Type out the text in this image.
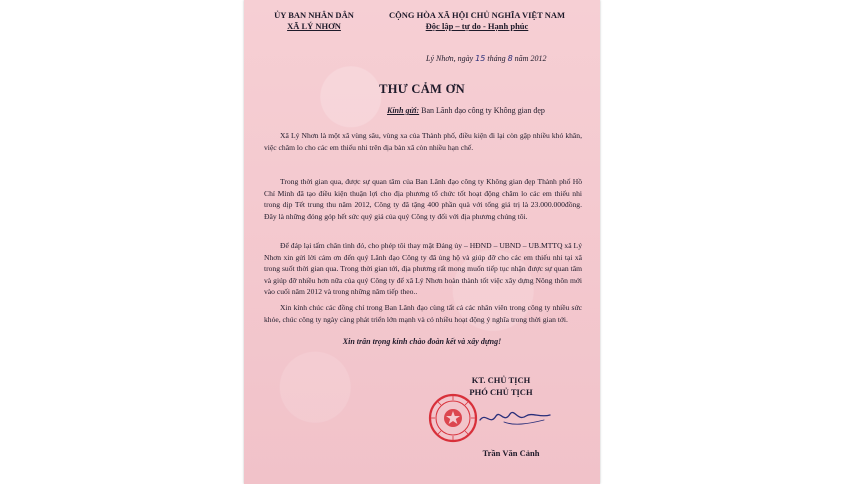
ỦY BAN NHÂN DÂN
XÃ LÝ NHƠN
CỘNG HÒA XÃ HỘI CHỦ NGHĨA VIỆT NAM
Độc lập – tự do - Hạnh phúc
Lý Nhơn, ngày 15 tháng 8 năm 2012
THƯ CẢM ƠN
Kính gửi: Ban Lãnh đạo công ty Không gian đẹp
Xã Lý Nhơn là một xã vùng sâu, vùng xa của Thành phố, điều kiện đi lại còn gặp nhiều khó khăn, việc chăm lo cho các em thiếu nhi trên địa bàn xã còn nhiều hạn chế.
Trong thời gian qua, được sự quan tâm của Ban Lãnh đạo công ty Không gian đẹp Thành phố Hồ Chí Minh đã tạo điều kiện thuận lợi cho địa phương tổ chức tốt hoạt động chăm lo các em thiếu nhi trong dịp Tết trung thu năm 2012, Công ty đã tặng 400 phần quà với tổng giá trị là 23.000.000đồng. Đây là những đóng góp hết sức quý giá của quý Công ty đối với địa phương chúng tôi.
Để đáp lại tấm chân tình đó, cho phép tôi thay mặt Đảng ủy – HĐND – UBND – UB.MTTQ xã Lý Nhơn xin gửi lời cảm ơn đến quý Lãnh đạo Công ty đã ủng hộ và giúp đỡ cho các em thiếu nhi tại xã trong suốt thời gian qua. Trong thời gian tới, địa phương rất mong muốn tiếp tục nhận được sự quan tâm và giúp đỡ nhiều hơn nữa của quý Công ty để xã Lý Nhơn hoàn thành tốt việc xây dựng Nông thôn mới vào cuối năm 2012 và trong những năm tiếp theo..
Xin kính chúc các đồng chí trong Ban Lãnh đạo cùng tất cả các nhân viên trong công ty nhiều sức khỏe, chúc công ty ngày càng phát triển lớn mạnh và có nhiều hoạt động ý nghĩa trong thời gian tới.
Xin trân trọng kính chào đoàn kết và xây dựng!
KT. CHỦ TỊCH
PHÓ CHỦ TỊCH
Trần Văn Cảnh
